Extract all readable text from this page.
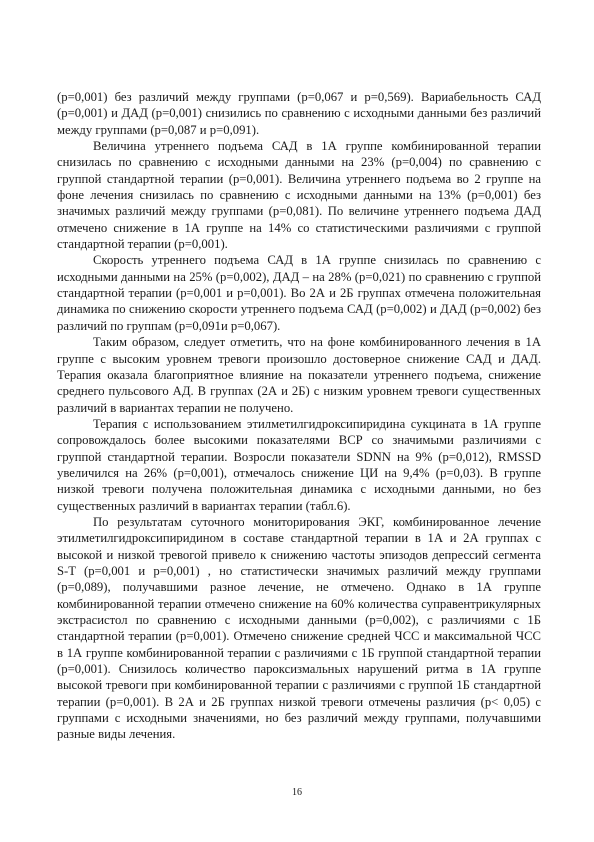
(р=0,001) без различий между группами (р=0,067 и р=0,569). Вариабельность САД (р=0,001) и ДАД (р=0,001) снизились по сравнению с исходными данными без различий между группами (р=0,087 и р=0,091).

Величина утреннего подъема САД в 1А группе комбинированной терапии снизилась по сравнению с исходными данными на 23% (р=0,004) по сравнению с группой стандартной терапии (р=0,001). Величина утреннего подъема во 2 группе на фоне лечения снизилась по сравнению с исходными данными на 13% (р=0,001) без значимых различий между группами (р=0,081). По величине утреннего подъема ДАД отмечено снижение в 1А группе на 14% со статистическими различиями с группой стандартной терапии (р=0,001).

Скорость утреннего подъема САД в 1А группе снизилась по сравнению с исходными данными на 25% (р=0,002), ДАД – на 28% (р=0,021) по сравнению с группой стандартной терапии (р=0,001 и р=0,001). Во 2А и 2Б группах отмечена положительная динамика по снижению скорости утреннего подъема САД (р=0,002) и ДАД (р=0,002) без различий по группам (р=0,091и р=0,067).

Таким образом, следует отметить, что на фоне комбинированного лечения в 1А группе с высоким уровнем тревоги произошло достоверное снижение САД и ДАД. Терапия оказала благоприятное влияние на показатели утреннего подъема, снижение среднего пульсового АД. В группах (2А и 2Б) с низким уровнем тревоги существенных различий в вариантах терапии не получено.

Терапия с использованием этилметилгидроксипиридина сукцината в 1А группе сопровождалось более высокими показателями ВСР со значимыми различиями с группой стандартной терапии. Возросли показатели SDNN на 9% (р=0,012), RMSSD увеличился на 26% (р=0,001), отмечалось снижение ЦИ на 9,4% (р=0,03). В группе низкой тревоги получена положительная динамика с исходными данными, но без существенных различий в вариантах терапии (табл.6).

По результатам суточного мониторирования ЭКГ, комбинированное лечение этилметилгидроксипиридином в составе стандартной терапии в 1А и 2А группах с высокой и низкой тревогой привело к снижению частоты эпизодов депрессий сегмента S-T (р=0,001 и р=0,001) , но статистически значимых различий между группами (р=0,089), получавшими разное лечение, не отмечено. Однако в 1А группе комбинированной терапии отмечено снижение на 60% количества суправентрикулярных экстрасистол по сравнению с исходными данными (р=0,002), с различиями с 1Б стандартной терапии (р=0,001). Отмечено снижение средней ЧСС и максимальной ЧСС в 1А группе комбинированной терапии с различиями с 1Б группой стандартной терапии (р=0,001). Снизилось количество пароксизмальных нарушений ритма в 1А группе высокой тревоги при комбинированной терапии с различиями с группой 1Б стандартной терапии (р=0,001). В 2А и 2Б группах низкой тревоги отмечены различия (р< 0,05) с группами с исходными значениями, но без различий между группами, получавшими разные виды лечения.

16
